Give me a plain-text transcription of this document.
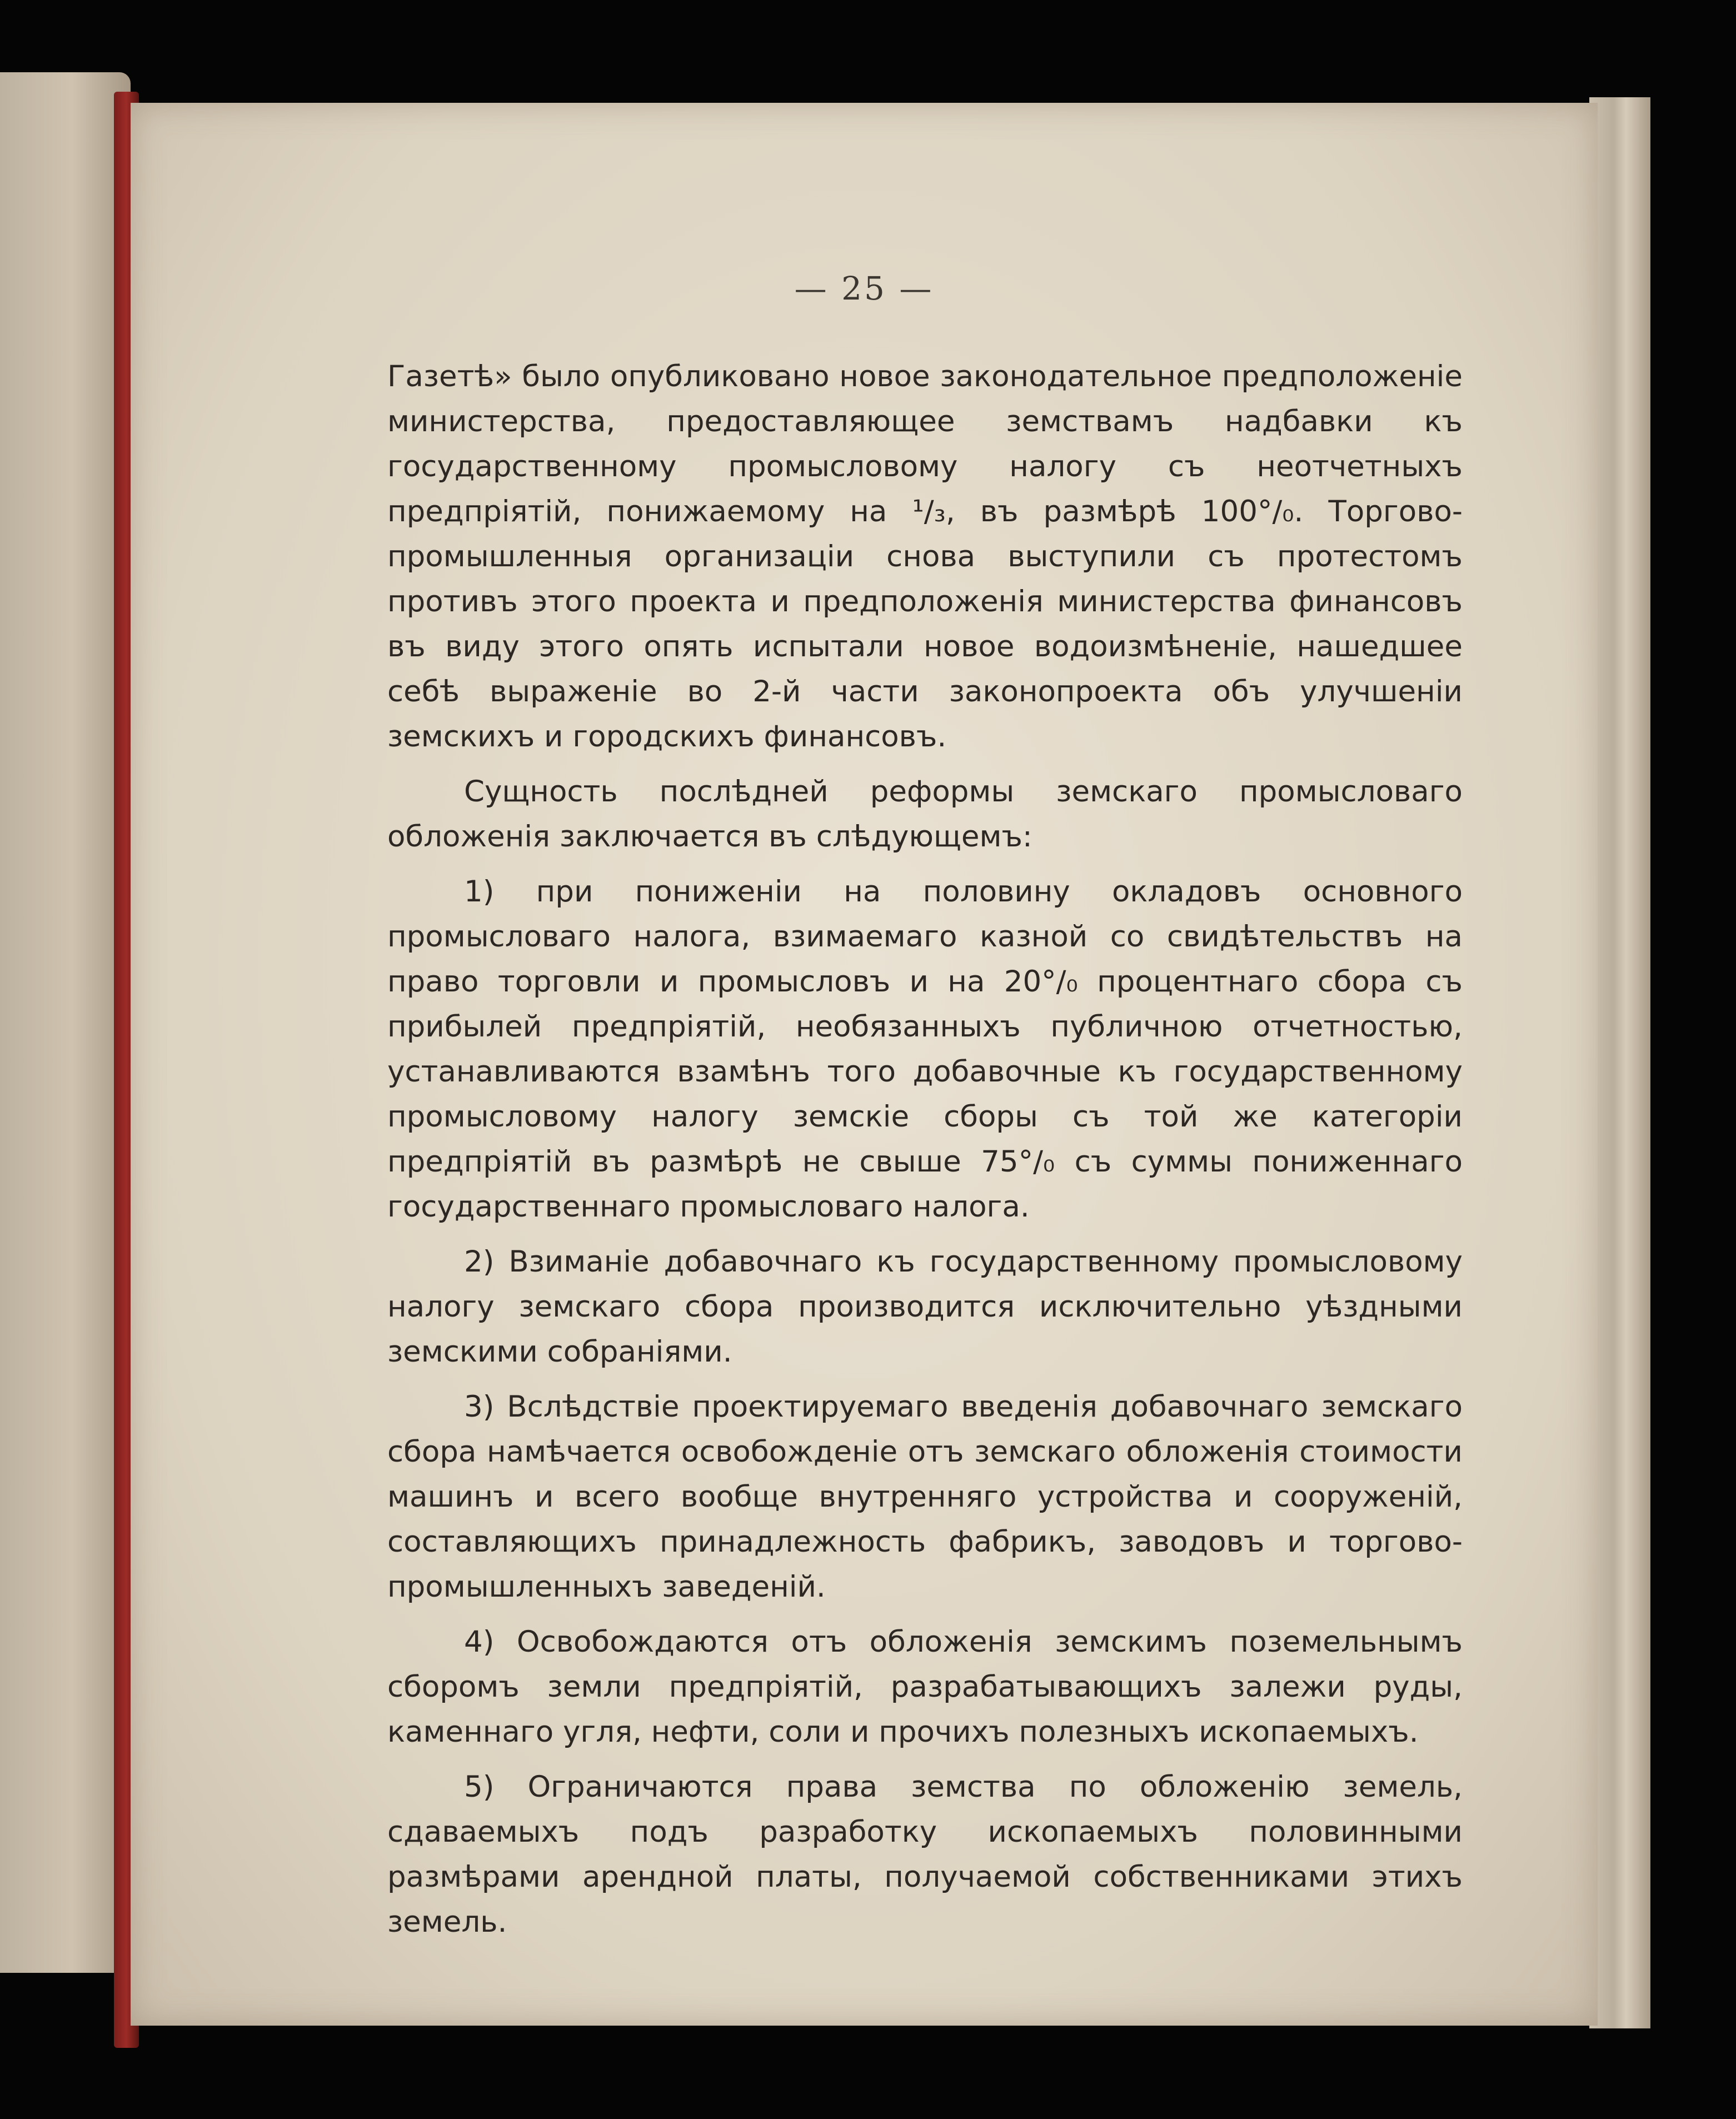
— 25 —

Газетѣ» было опубликовано новое законодательное предположеніе министерства, предоставляющее земствамъ надбавки къ государственному промысловому налогу съ неотчетныхъ предпріятій, понижаемому на ¹/₃, въ размѣрѣ 100°/₀. Торгово-промышленныя организаціи снова выступили съ протестомъ противъ этого проекта и предположенія министерства финансовъ въ виду этого опять испытали новое водоизмѣненіе, нашедшее себѣ выраженіе во 2-й части законопроекта объ улучшеніи земскихъ и городскихъ финансовъ.

Сущность послѣдней реформы земскаго промысловаго обложенія заключается въ слѣдующемъ:

1) при пониженіи на половину окладовъ основного промысловаго налога, взимаемаго казной со свидѣтельствъ на право торговли и промысловъ и на 20°/₀ процентнаго сбора съ прибылей предпріятій, необязанныхъ публичною отчетностью, устанавливаются взамѣнъ того добавочные къ государственному промысловому налогу земскіе сборы съ той же категоріи предпріятій въ размѣрѣ не свыше 75°/₀ съ суммы пониженнаго государственнаго промысловаго налога.

2) Взиманіе добавочнаго къ государственному промысловому налогу земскаго сбора производится исключительно уѣздными земскими собраніями.

3) Вслѣдствіе проектируемаго введенія добавочнаго земскаго сбора намѣчается освобожденіе отъ земскаго обложенія стоимости машинъ и всего вообще внутренняго устройства и сооруженій, составляющихъ принадлежность фабрикъ, заводовъ и торгово-промышленныхъ заведеній.

4) Освобождаются отъ обложенія земскимъ поземельнымъ сборомъ земли предпріятій, разрабатывающихъ залежи руды, каменнаго угля, нефти, соли и прочихъ полезныхъ ископаемыхъ.

5) Ограничаются права земства по обложенію земель, сдаваемыхъ подъ разработку ископаемыхъ половинными размѣрами арендной платы, получаемой собственниками этихъ земель.
